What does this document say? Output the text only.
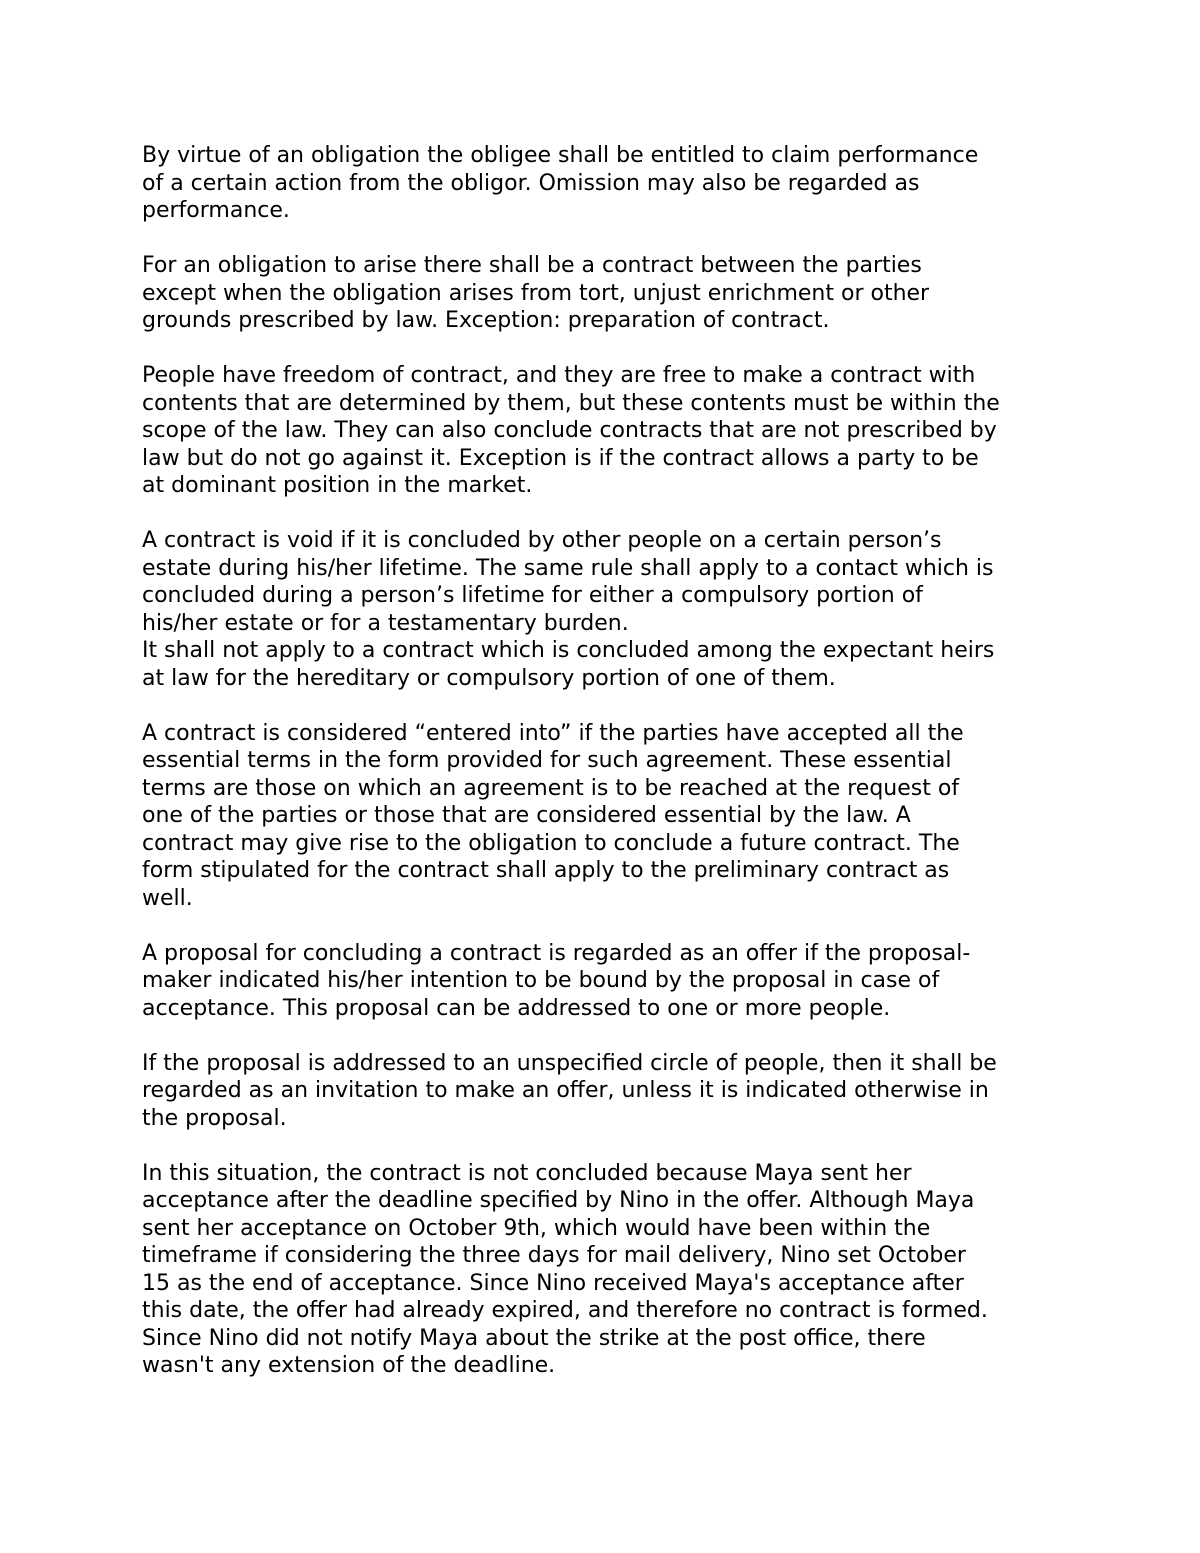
By virtue of an obligation the obligee shall be entitled to claim performance
of a certain action from the obligor. Omission may also be regarded as
performance.

For an obligation to arise there shall be a contract between the parties
except when the obligation arises from tort, unjust enrichment or other
grounds prescribed by law. Exception: preparation of contract.

People have freedom of contract, and they are free to make a contract with
contents that are determined by them, but these contents must be within the
scope of the law. They can also conclude contracts that are not prescribed by
law but do not go against it. Exception is if the contract allows a party to be
at dominant position in the market.

A contract is void if it is concluded by other people on a certain person’s
estate during his/her lifetime. The same rule shall apply to a contact which is
concluded during a person’s lifetime for either a compulsory portion of
his/her estate or for a testamentary burden.
It shall not apply to a contract which is concluded among the expectant heirs
at law for the hereditary or compulsory portion of one of them.

A contract is considered “entered into” if the parties have accepted all the
essential terms in the form provided for such agreement. These essential
terms are those on which an agreement is to be reached at the request of
one of the parties or those that are considered essential by the law. A
contract may give rise to the obligation to conclude a future contract. The
form stipulated for the contract shall apply to the preliminary contract as
well.

A proposal for concluding a contract is regarded as an offer if the proposal-
maker indicated his/her intention to be bound by the proposal in case of
acceptance. This proposal can be addressed to one or more people.

If the proposal is addressed to an unspecified circle of people, then it shall be
regarded as an invitation to make an offer, unless it is indicated otherwise in
the proposal.

In this situation, the contract is not concluded because Maya sent her
acceptance after the deadline specified by Nino in the offer. Although Maya
sent her acceptance on October 9th, which would have been within the
timeframe if considering the three days for mail delivery, Nino set October
15 as the end of acceptance. Since Nino received Maya's acceptance after
this date, the offer had already expired, and therefore no contract is formed.
Since Nino did not notify Maya about the strike at the post office, there
wasn't any extension of the deadline.
